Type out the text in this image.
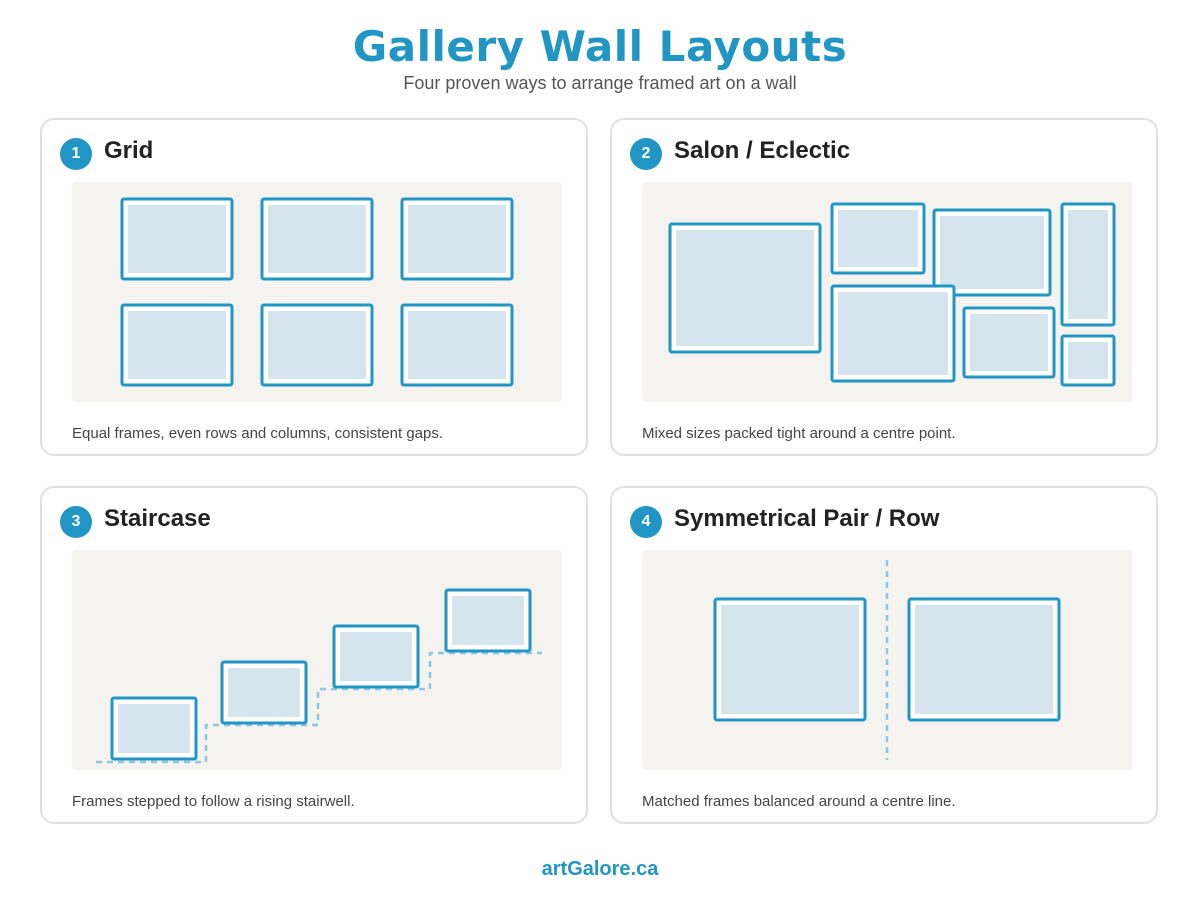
Gallery Wall Layouts
Four proven ways to arrange framed art on a wall
1 Grid
Equal frames, even rows and columns, consistent gaps.
2 Salon / Eclectic
Mixed sizes packed tight around a centre point.
3 Staircase
Frames stepped to follow a rising stairwell.
4 Symmetrical Pair / Row
Matched frames balanced around a centre line.
artGalore.ca
